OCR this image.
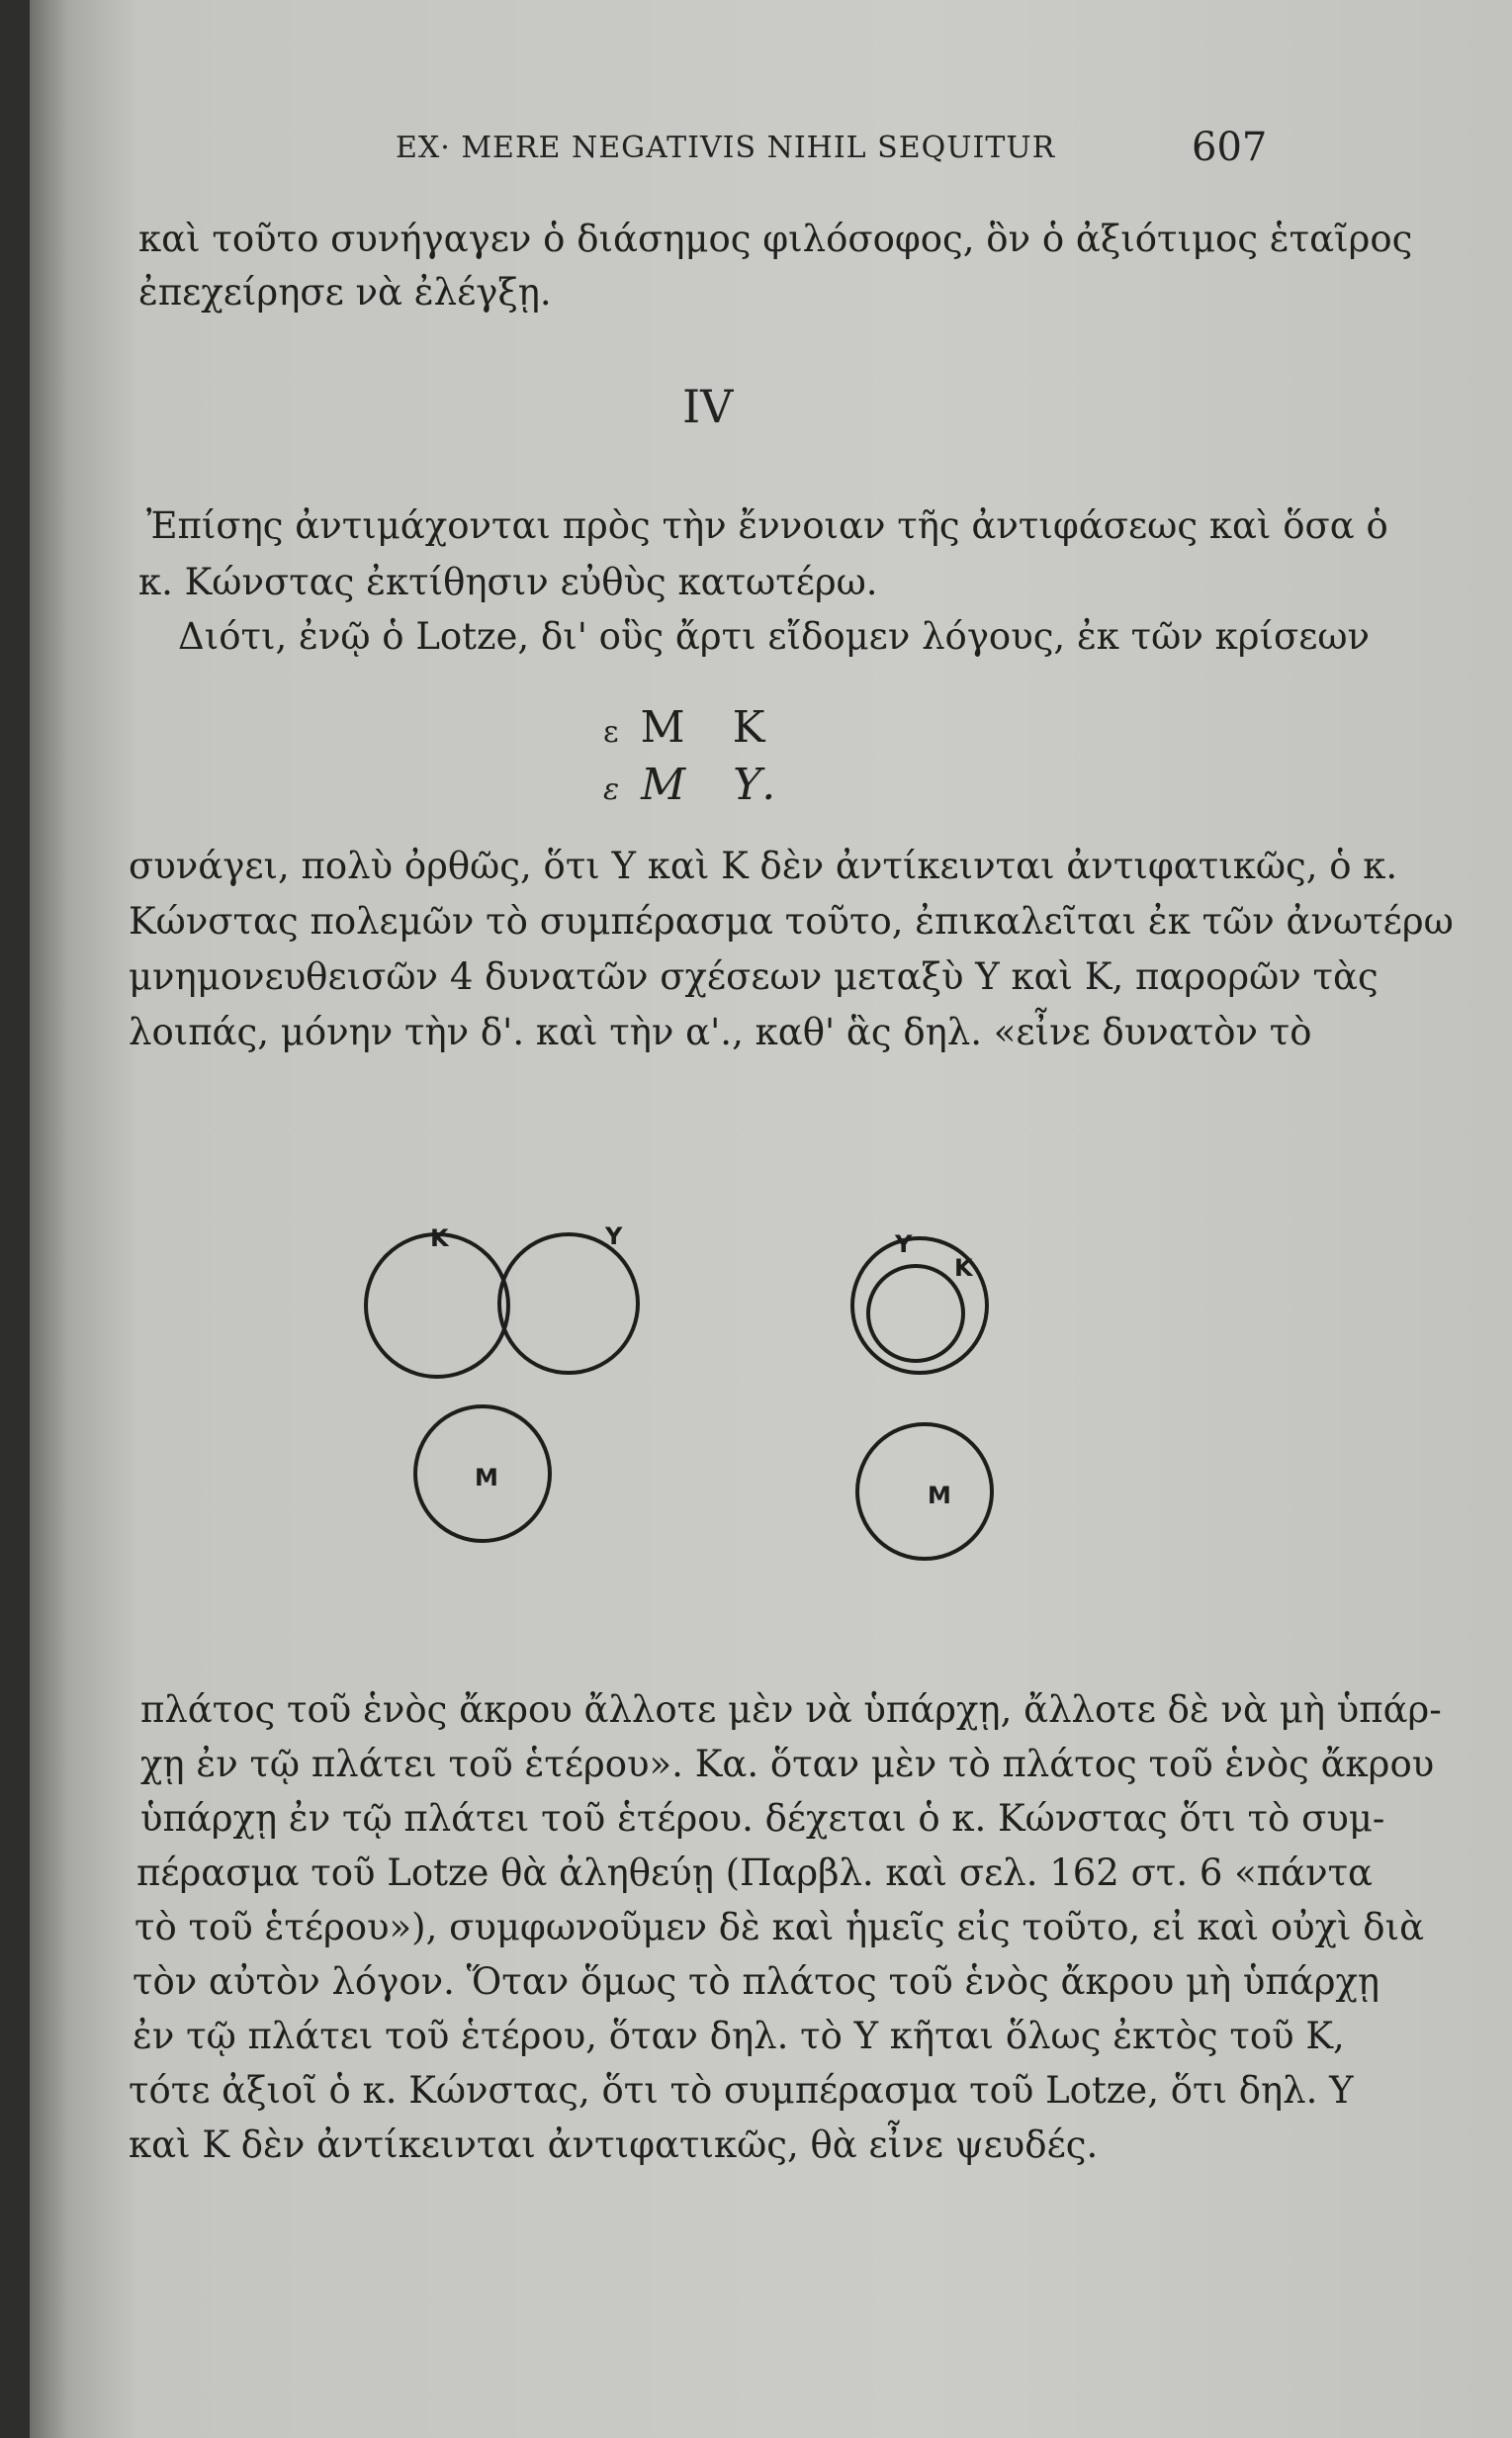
EX· MERE NEGATIVIS NIHIL SEQUITUR	607
καὶ τοῦτο συνήγαγεν ὁ διάσημος φιλόσοφος, ὃν ὁ ἀξιότιμος ἑταῖρος
ἐπεχείρησε νὰ ἐλέγξῃ.
IV
Ἐπίσης ἀντιμάχονται πρὸς τὴν ἔννοιαν τῆς ἀντιφάσεως καὶ ὅσα ὁ
κ. Κώνστας ἐκτίθησιν εὐθὺς κατωτέρω.
Διότι, ἐνῷ ὁ Lotze, δι' οὓς ἄρτι εἴδομεν λόγους, ἐκ τῶν κρίσεων
ε M K
ε M Υ.
συνάγει, πολὺ ὀρθῶς, ὅτι Υ καὶ Κ δὲν ἀντίκεινται ἀντιφατικῶς, ὁ κ.
Κώνστας πολεμῶν τὸ συμπέρασμα τοῦτο, ἐπικαλεῖται ἐκ τῶν ἀνωτέρω
μνημονευθεισῶν 4 δυνατῶν σχέσεων μεταξὺ Υ καὶ Κ, παρορῶν τὰς
λοιπάς, μόνην τὴν δ'. καὶ τὴν α'., καθ' ἃς δηλ. «εἶνε δυνατὸν τὸ
K	Y
M
Y
K
M
πλάτος τοῦ ἑνὸς ἄκρου ἄλλοτε μὲν νὰ ὑπάρχῃ, ἄλλοτε δὲ νὰ μὴ ὑπάρ-
χῃ ἐν τῷ πλάτει τοῦ ἑτέρου». Κα. ὅταν μὲν τὸ πλάτος τοῦ ἑνὸς ἄκρου
ὑπάρχῃ ἐν τῷ πλάτει τοῦ ἑτέρου. δέχεται ὁ κ. Κώνστας ὅτι τὸ συμ-
πέρασμα τοῦ Lotze θὰ ἀληθεύῃ (Παρβλ. καὶ σελ. 162 στ. 6 «πάντα
τὸ τοῦ ἑτέρου»), συμφωνοῦμεν δὲ καὶ ἡμεῖς εἰς τοῦτο, εἰ καὶ οὐχὶ διὰ
τὸν αὐτὸν λόγον. Ὅταν ὅμως τὸ πλάτος τοῦ ἑνὸς ἄκρου μὴ ὑπάρχῃ
ἐν τῷ πλάτει τοῦ ἑτέρου, ὅταν δηλ. τὸ Υ κῆται ὅλως ἐκτὸς τοῦ Κ,
τότε ἀξιοῖ ὁ κ. Κώνστας, ὅτι τὸ συμπέρασμα τοῦ Lotze, ὅτι δηλ. Υ
καὶ Κ δὲν ἀντίκεινται ἀντιφατικῶς, θὰ εἶνε ψευδές.
